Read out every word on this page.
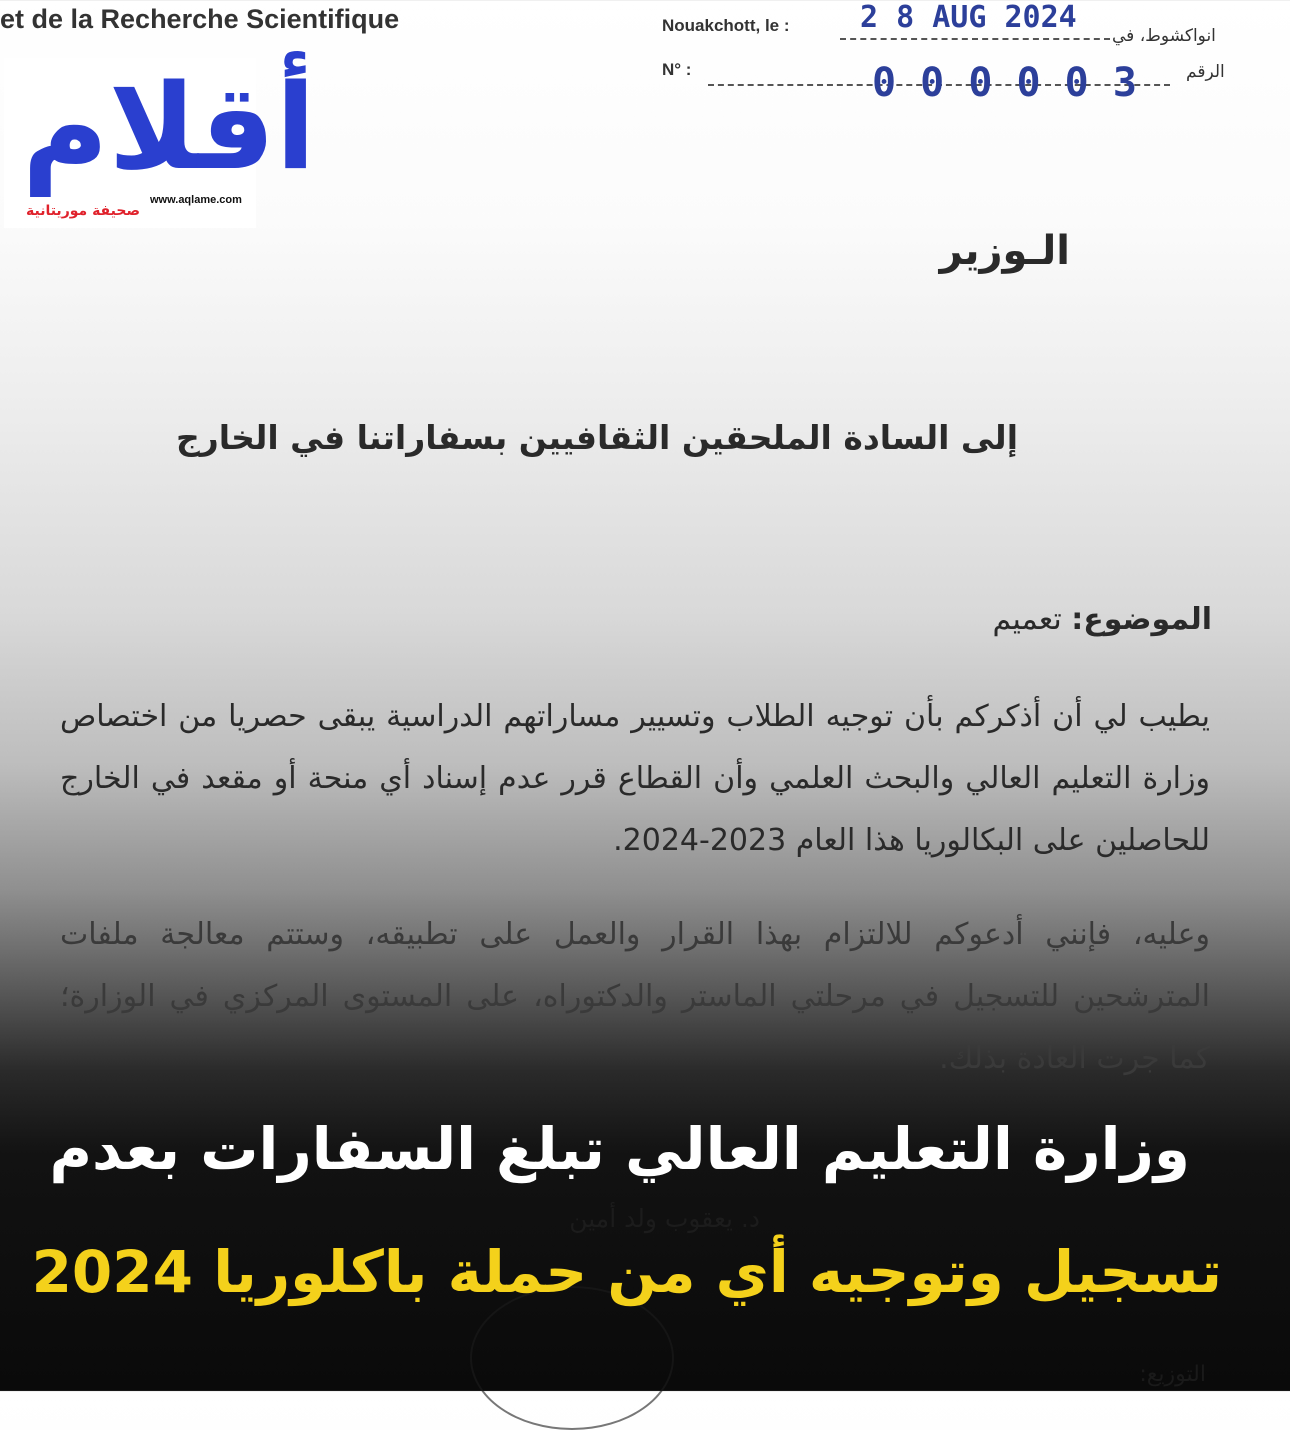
et de la Recherche Scientifique	Nouakchott, le : 2 8 AUG 2024
انواكشوط، في
N° :	0 0 0 0 0 3	الرقم
أقلام
www.aqlame.com
صحيفة موريتانية
الـوزير
إلى السادة الملحقين الثقافيين بسفاراتنا في الخارج
الموضوع: تعميم
يطيب لي أن أذكركم بأن توجيه الطلاب وتسيير مساراتهم الدراسية يبقى حصريا من اختصاص وزارة التعليم العالي والبحث العلمي وأن القطاع قرر عدم إسناد أي منحة أو مقعد في الخارج للحاصلين على البكالوريا هذا العام 2023-2024.
وعليه، فإنني أدعوكم للالتزام بهذا القرار والعمل على تطبيقه، وستتم معالجة ملفات المترشحين للتسجيل في مرحلتي الماستر والدكتوراه، على المستوى المركزي في الوزارة؛ كما جرت العادة بذلك.
د. يعقوب ولد أمين
التوزيع:
وزارة التعليم العالي تبلغ السفارات بعدم
تسجيل وتوجيه أي من حملة باكلوريا 2024
